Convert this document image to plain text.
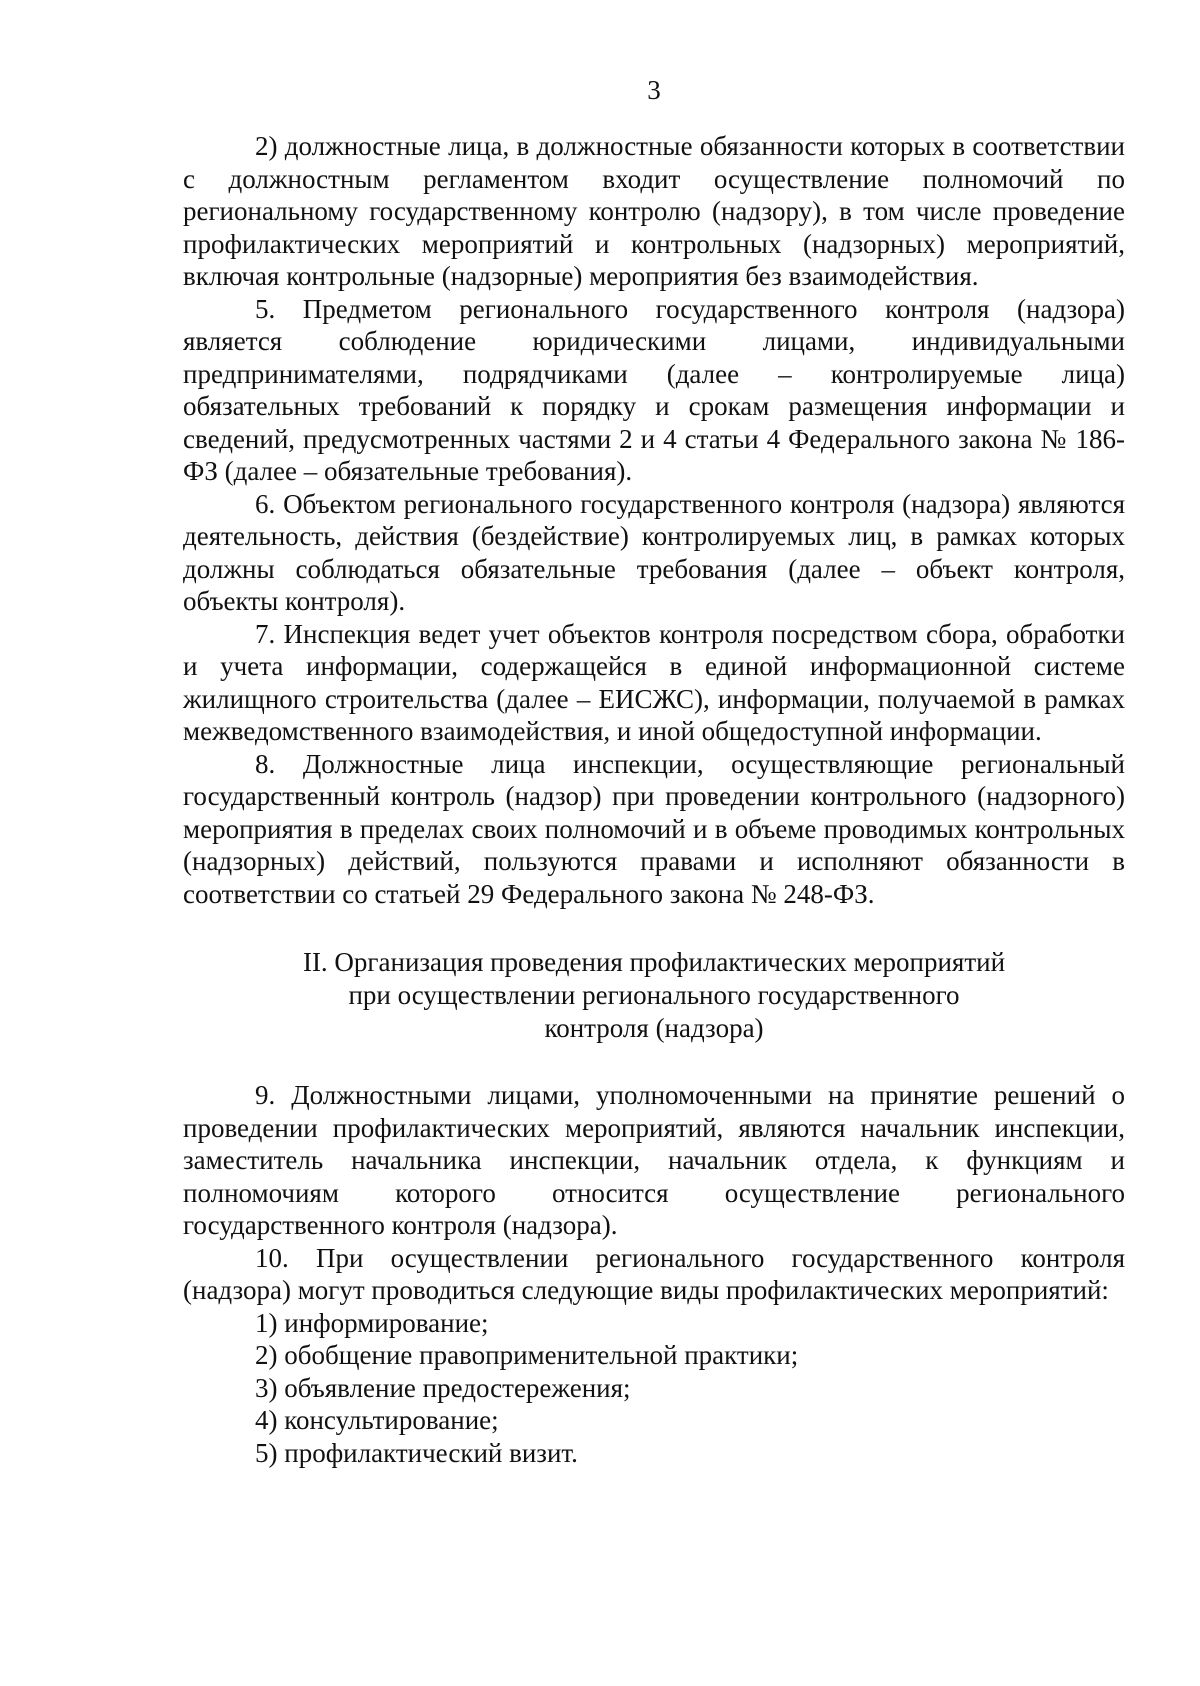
3

2) должностные лица, в должностные обязанности которых в соответствии с должностным регламентом входит осуществление полномочий по региональному государственному контролю (надзору), в том числе проведение профилактических мероприятий и контрольных (надзорных) мероприятий, включая контрольные (надзорные) мероприятия без взаимодействия.

5. Предметом регионального государственного контроля (надзора) является соблюдение юридическими лицами, индивидуальными предпринимателями, подрядчиками (далее – контролируемые лица) обязательных требований к порядку и срокам размещения информации и сведений, предусмотренных частями 2 и 4 статьи 4 Федерального закона № 186-ФЗ (далее – обязательные требования).

6. Объектом регионального государственного контроля (надзора) являются деятельность, действия (бездействие) контролируемых лиц, в рамках которых должны соблюдаться обязательные требования (далее – объект контроля, объекты контроля).

7. Инспекция ведет учет объектов контроля посредством сбора, обработки и учета информации, содержащейся в единой информационной системе жилищного строительства (далее – ЕИСЖС), информации, получаемой в рамках межведомственного взаимодействия, и иной общедоступной информации.

8. Должностные лица инспекции, осуществляющие региональный государственный контроль (надзор) при проведении контрольного (надзорного) мероприятия в пределах своих полномочий и в объеме проводимых контрольных (надзорных) действий, пользуются правами и исполняют обязанности в соответствии со статьей 29 Федерального закона № 248-ФЗ.

II. Организация проведения профилактических мероприятий

при осуществлении регионального государственного

контроля (надзора)

9. Должностными лицами, уполномоченными на принятие решений о проведении профилактических мероприятий, являются начальник инспекции, заместитель начальника инспекции, начальник отдела, к функциям и полномочиям которого относится осуществление регионального государственного контроля (надзора).

10. При осуществлении регионального государственного контроля (надзора) могут проводиться следующие виды профилактических мероприятий:

1) информирование;

2) обобщение правоприменительной практики;

3) объявление предостережения;

4) консультирование;

5) профилактический визит.
